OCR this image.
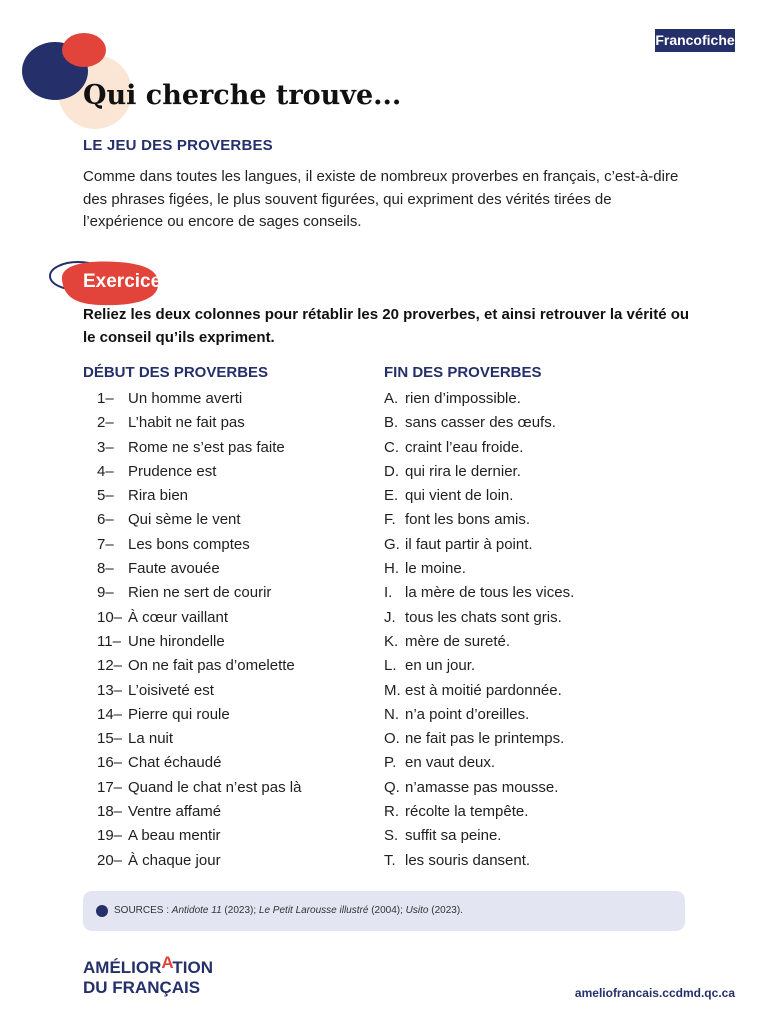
Francofiche
Qui cherche trouve...
LE JEU DES PROVERBES
Comme dans toutes les langues, il existe de nombreux proverbes en français, c’est-à-dire des phrases figées, le plus souvent figurées, qui expriment des vérités tirées de l’expérience ou encore de sages conseils.
Exercice
Reliez les deux colonnes pour rétablir les 20 proverbes, et ainsi retrouver la vérité ou le conseil qu’ils expriment.
DÉBUT DES PROVERBES	FIN DES PROVERBES
1– Un homme averti
2– L’habit ne fait pas
3– Rome ne s’est pas faite
4– Prudence est
5– Rira bien
6– Qui sème le vent
7– Les bons comptes
8– Faute avouée
9– Rien ne sert de courir
10– À cœur vaillant
11– Une hirondelle
12– On ne fait pas d’omelette
13– L’oisiveté est
14– Pierre qui roule
15– La nuit
16– Chat échaudé
17– Quand le chat n’est pas là
18– Ventre affamé
19– A beau mentir
20– À chaque jour
A. rien d’impossible.
B. sans casser des œufs.
C. craint l’eau froide.
D. qui rira le dernier.
E. qui vient de loin.
F. font les bons amis.
G. il faut partir à point.
H. le moine.
I. la mère de tous les vices.
J. tous les chats sont gris.
K. mère de sureté.
L. en un jour.
M. est à moitié pardonnée.
N. n’a point d’oreilles.
O. ne fait pas le printemps.
P. en vaut deux.
Q. n’amasse pas mousse.
R. récolte la tempête.
S. suffit sa peine.
T. les souris dansent.
SOURCES : Antidote 11 (2023); Le Petit Larousse illustré (2004); Usito (2023).
AMÉLIORATION
DU FRANÇAIS	ameliofrancais.ccdmd.qc.ca
